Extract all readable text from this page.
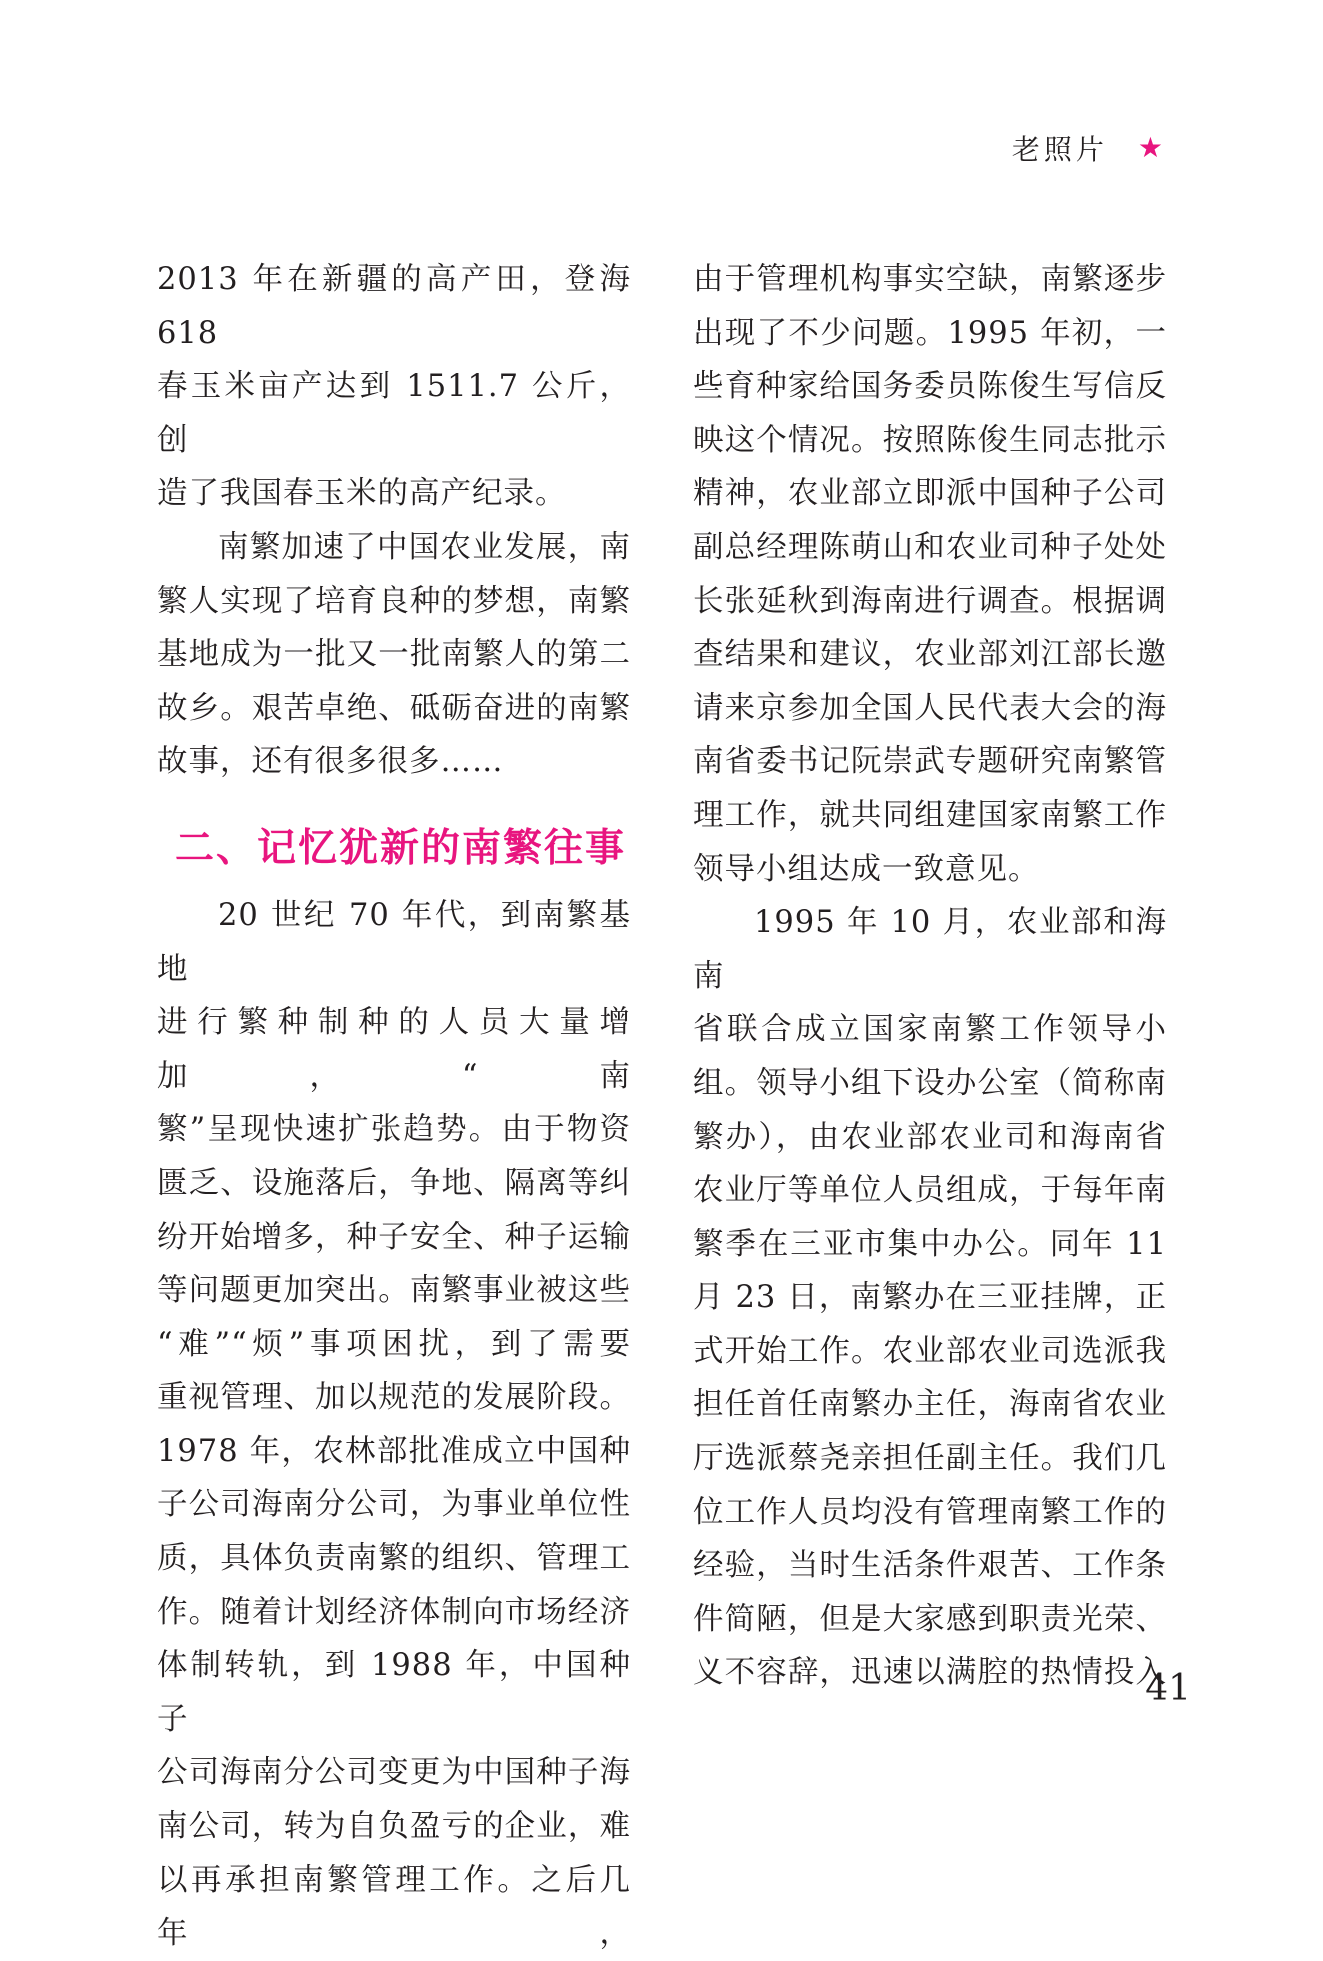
老照片 ★

2013 年在新疆的高产田，登海 618

春玉米亩产达到 1511.7 公斤，创

造了我国春玉米的高产纪录。

南繁加速了中国农业发展，南

繁人实现了培育良种的梦想，南繁

基地成为一批又一批南繁人的第二

故乡。艰苦卓绝、砥砺奋进的南繁

故事，还有很多很多……

二、记忆犹新的南繁往事

20 世纪 70 年代，到南繁基地

进行繁种制种的人员大量增加，“南

繁”呈现快速扩张趋势。由于物资

匮乏、设施落后，争地、隔离等纠

纷开始增多，种子安全、种子运输

等问题更加突出。南繁事业被这些

“难”“烦”事项困扰，到了需要

重视管理、加以规范的发展阶段。

1978 年，农林部批准成立中国种

子公司海南分公司，为事业单位性

质，具体负责南繁的组织、管理工

作。随着计划经济体制向市场经济

体制转轨，到 1988 年，中国种子

公司海南分公司变更为中国种子海

南公司，转为自负盈亏的企业，难

以再承担南繁管理工作。之后几年，

由于管理机构事实空缺，南繁逐步

出现了不少问题。1995 年初，一

些育种家给国务委员陈俊生写信反

映这个情况。按照陈俊生同志批示

精神，农业部立即派中国种子公司

副总经理陈萌山和农业司种子处处

长张延秋到海南进行调查。根据调

查结果和建议，农业部刘江部长邀

请来京参加全国人民代表大会的海

南省委书记阮崇武专题研究南繁管

理工作，就共同组建国家南繁工作

领导小组达成一致意见。

1995 年 10 月，农业部和海南

省联合成立国家南繁工作领导小

组。领导小组下设办公室（简称南

繁办），由农业部农业司和海南省

农业厅等单位人员组成，于每年南

繁季在三亚市集中办公。同年 11

月 23 日，南繁办在三亚挂牌，正

式开始工作。农业部农业司选派我

担任首任南繁办主任，海南省农业

厅选派蔡尧亲担任副主任。我们几

位工作人员均没有管理南繁工作的

经验，当时生活条件艰苦、工作条

件简陋，但是大家感到职责光荣、

义不容辞，迅速以满腔的热情投入

41
